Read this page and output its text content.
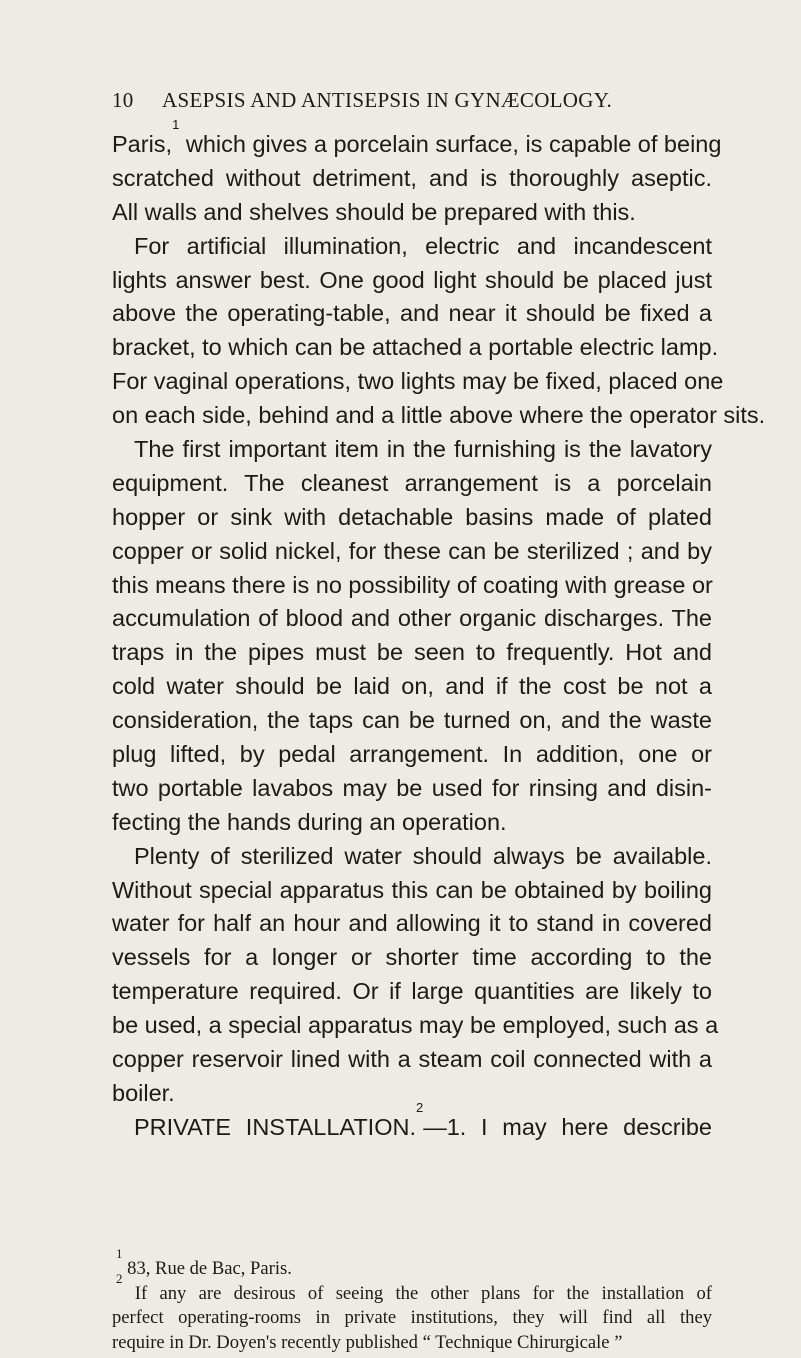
10 ASEPSIS AND ANTISEPSIS IN GYNÆCOLOGY.
Paris,$^1$ which gives a porcelain surface, is capable of being
scratched without detriment, and is thoroughly aseptic.
All walls and shelves should be prepared with this.
For artificial illumination, electric and incandescent
lights answer best. One good light should be placed just
above the operating-table, and near it should be fixed a
bracket, to which can be attached a portable electric lamp.
For vaginal operations, two lights may be fixed, placed one
on each side, behind and a little above where the operator sits.
The first important item in the furnishing is the lavatory
equipment. The cleanest arrangement is a porcelain
hopper or sink with detachable basins made of plated
copper or solid nickel, for these can be sterilized ; and by
this means there is no possibility of coating with grease or
accumulation of blood and other organic discharges. The
traps in the pipes must be seen to frequently. Hot and
cold water should be laid on, and if the cost be not a
consideration, the taps can be turned on, and the waste
plug lifted, by pedal arrangement. In addition, one or
two portable lavabos may be used for rinsing and disin-
fecting the hands during an operation.
Plenty of sterilized water should always be available.
Without special apparatus this can be obtained by boiling
water for half an hour and allowing it to stand in covered
vessels for a longer or shorter time according to the
temperature required. Or if large quantities are likely to
be used, a special apparatus may be employed, such as a
copper reservoir lined with a steam coil connected with a
boiler.
PRIVATE INSTALLATION.$^2$—1. I may here describe
$^1$ 83, Rue de Bac, Paris.
$^2$ If any are desirous of seeing the other plans for the installation of
perfect operating-rooms in private institutions, they will find all they
require in Dr. Doyen's recently published “ Technique Chirurgicale ”
